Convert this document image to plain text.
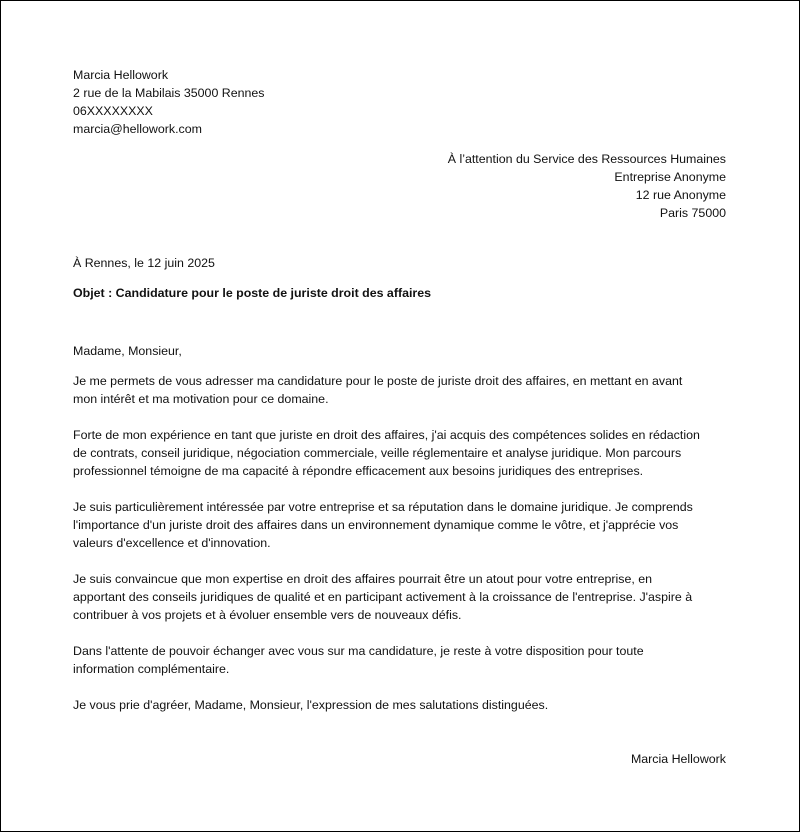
Marcia Hellowork
2 rue de la Mabilais 35000 Rennes
06XXXXXXXX
marcia@hellowork.com
À l’attention du Service des Ressources Humaines
Entreprise Anonyme
12 rue Anonyme
Paris 75000
À Rennes, le 12 juin 2025
Objet : Candidature pour le poste de juriste droit des affaires
Madame, Monsieur,

Je me permets de vous adresser ma candidature pour le poste de juriste droit des affaires, en mettant en avant
mon intérêt et ma motivation pour ce domaine.

Forte de mon expérience en tant que juriste en droit des affaires, j'ai acquis des compétences solides en rédaction
de contrats, conseil juridique, négociation commerciale, veille réglementaire et analyse juridique. Mon parcours
professionnel témoigne de ma capacité à répondre efficacement aux besoins juridiques des entreprises.

Je suis particulièrement intéressée par votre entreprise et sa réputation dans le domaine juridique. Je comprends
l'importance d'un juriste droit des affaires dans un environnement dynamique comme le vôtre, et j'apprécie vos
valeurs d'excellence et d'innovation.

Je suis convaincue que mon expertise en droit des affaires pourrait être un atout pour votre entreprise, en
apportant des conseils juridiques de qualité et en participant activement à la croissance de l'entreprise. J'aspire à
contribuer à vos projets et à évoluer ensemble vers de nouveaux défis.

Dans l'attente de pouvoir échanger avec vous sur ma candidature, je reste à votre disposition pour toute
information complémentaire.

Je vous prie d'agréer, Madame, Monsieur, l'expression de mes salutations distinguées.

Marcia Hellowork
